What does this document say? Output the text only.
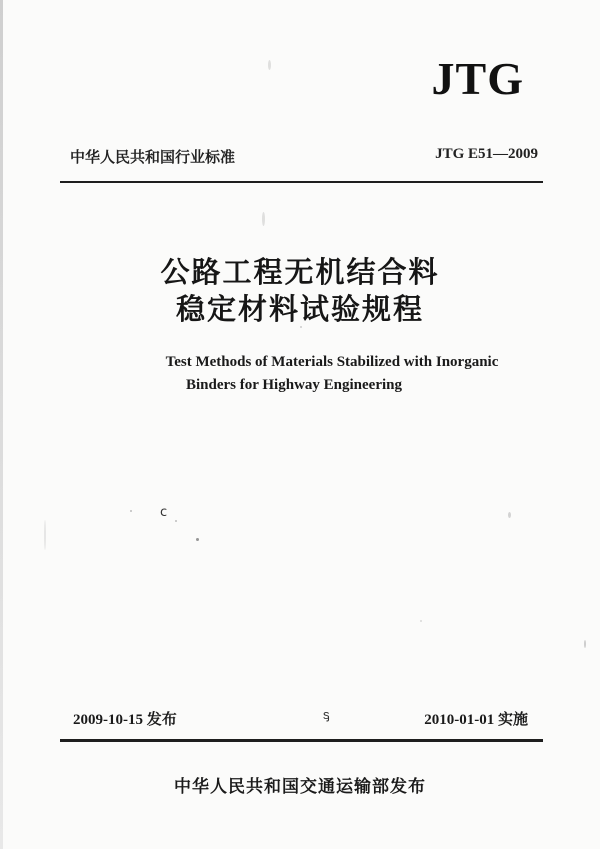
JTG
中华人民共和国行业标准	JTG E51—2009
公路工程无机结合料
稳定材料试验规程
Test Methods of Materials Stabilized with Inorganic
Binders for Highway Engineering
c
ᶊ
2009-10-15 发布	2010-01-01 实施
中华人民共和国交通运输部发布
